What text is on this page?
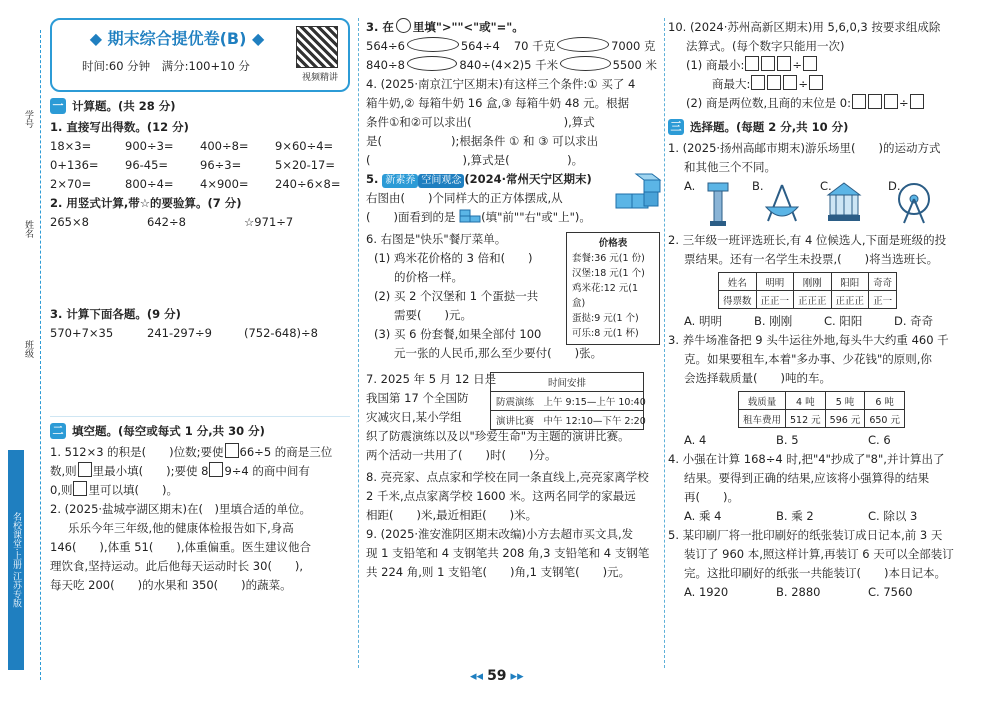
学号
姓名
班级
名校课堂·上册 江苏专版
◆ 期末综合提优卷(B) ◆
时间:60 分钟　满分:100+10 分
视频精讲
一 计算题。(共 28 分)
1. 直接写出得数。(12 分)
18×3=	900÷3=	400÷8=	9×60÷4=
0+136=	96-45=	96÷3=	5×20-17=
2×70=	800÷4=	4×900=	240÷6×8=
2. 用竖式计算,带☆的要验算。(7 分)
265×8	642÷8	☆971÷7
3. 计算下面各题。(9 分)
570+7×35	241-297÷9	(752-648)÷8
二 填空题。(每空或每式 1 分,共 30 分)
1. 512×3 的积是(　　)位数;要使 66÷5 的商是三位
数,则 里最小填(　　);要使 8 9÷4 的商中间有
0,则 里可以填(　　)。
2. (2025·盐城亭湖区期末)在(　)里填合适的单位。
乐乐今年三年级,他的健康体检报告如下,身高
146(　　),体重 51(　　),体重偏重。医生建议他合
理饮食,坚持运动。此后他每天运动时长 30(　　),
每天吃 200(　　)的水果和 350(　　)的蔬菜。
3. 在 里填">""<"或"="。
564÷6	564÷4	70 千克	7000 克
840÷8	840÷(4×2) 5 千米	5500 米
4. (2025·南京江宁区期末)有这样三个条件:① 买了 4
箱牛奶,② 每箱牛奶 16 盒,③ 每箱牛奶 48 元。根据
条件①和②可以求出(　　　　　　　　),算式
是(　　　　　　);根据条件 ① 和 ③ 可以求出
(　　　　　　　　),算式是(　　　　　)。
5. 新素养 空间观念 (2024·常州天宁区期末)
右图由(　　)个同样大的正方体摆成,从
(　　)面看到的是 (填"前""右"或"上")。
6. 右图是"快乐"餐厅菜单。
(1) 鸡米花价格的 3 倍和(　　)
的价格一样。
(2) 买 2 个汉堡和 1 个蛋挞一共
需要(　　)元。
(3) 买 6 份套餐,如果全部付 100
元一张的人民币,那么至少要付(　　)张。
价格表
套餐:36 元(1 份)
汉堡:18 元(1 个)
鸡米花:12 元(1 盒)
蛋挞:9 元(1 个)
可乐:8 元(1 杯)
7. 2025 年 5 月 12 日是
我国第 17 个全国防
灾减灾日,某小学组
织了防震演练以及以"珍爱生命"为主题的演讲比赛。
两个活动一共用了(　　)时(　　)分。
时间安排
防震演练　上午 9:15—上午 10:40
演讲比赛　中午 12:10—下午 2:20
8. 亮亮家、点点家和学校在同一条直线上,亮亮家离学校
2 千米,点点家离学校 1600 米。这两名同学的家最远
相距(　　)米,最近相距(　　)米。
9. (2025·淮安淮阴区期末改编)小方去超市买文具,发
现 1 支铅笔和 4 支钢笔共 208 角,3 支铅笔和 4 支钢笔
共 224 角,则 1 支铅笔(　　)角,1 支钢笔(　　)元。
10. (2024·苏州高新区期末)用 5,6,0,3 按要求组成除
法算式。(每个数字只能用一次)
(1) 商最小:	÷
商最大:	÷
(2) 商是两位数,且商的末位是 0:	÷
三 选择题。(每题 2 分,共 10 分)
1. (2025·扬州高邮市期末)游乐场里(　　)的运动方式
和其他三个不同。
A.	B.	C.	D.
2. 三年级一班评选班长,有 4 位候选人,下面是班级的投
票结果。还有一名学生未投票,(　　)将当选班长。
姓名	明明	刚刚	阳阳	奇奇
得票数	正正一	正正正	正正正	正一
A. 明明	B. 刚刚	C. 阳阳	D. 奇奇
3. 养牛场准备把 9 头牛运往外地,每头牛大约重 460 千
克。如果要租车,本着"多办事、少花钱"的原则,你
会选择载质量(　　)吨的车。
载质量	4 吨	5 吨	6 吨
租车费用	512 元	596 元	650 元
A. 4	B. 5	C. 6
4. 小强在计算 168÷4 时,把"4"抄成了"8",并计算出了
结果。要得到正确的结果,应该将小强算得的结果
再(　　)。
A. 乘 4	B. 乘 2	C. 除以 3
5. 某印刷厂将一批印刷好的纸张装订成日记本,前 3 天
装订了 960 本,照这样计算,再装订 6 天可以全部装订
完。这批印刷好的纸张一共能装订(　　)本日记本。
A. 1920	B. 2880	C. 7560
◂◂ 59 ▸▸
